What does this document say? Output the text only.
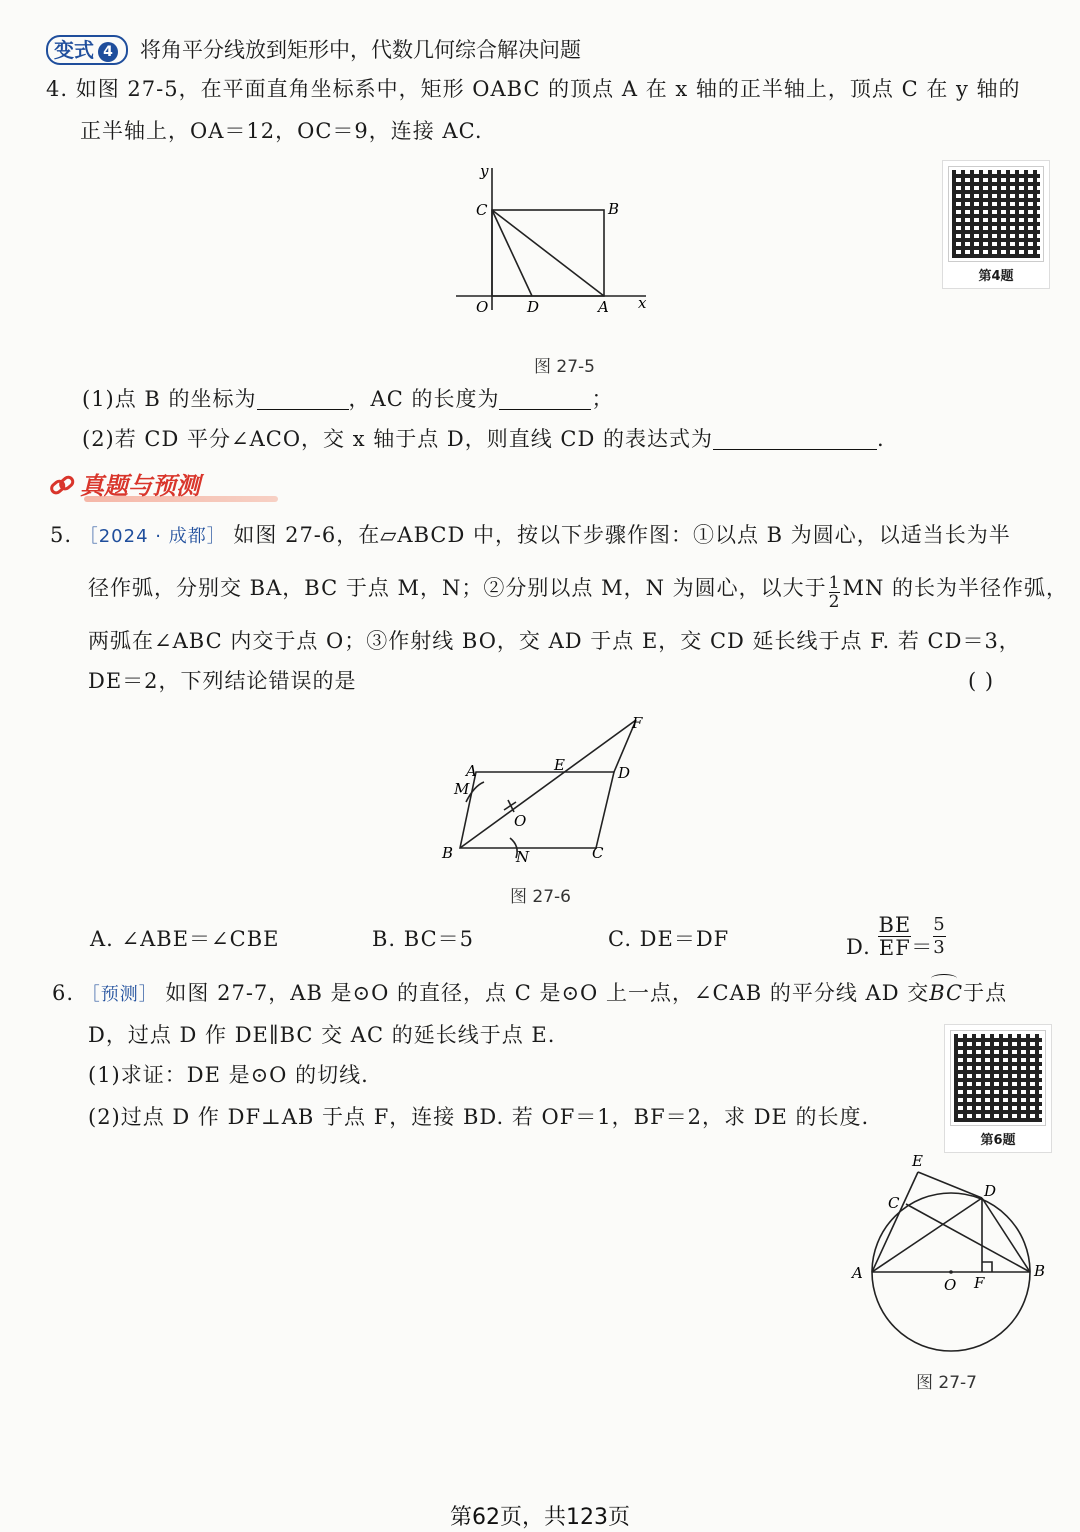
变式 4 将角平分线放到矩形中，代数几何综合解决问题
4. 如图 27-5，在平面直角坐标系中，矩形 OABC 的顶点 A 在 x 轴的正半轴上，顶点 C 在 y 轴的
正半轴上，OA＝12，OC＝9，连接 AC.
第4题
y
x
C	B
O	D	A
图 27-5
(1)点 B 的坐标为	，AC 的长度为	；
(2)若 CD 平分∠ACO，交 x 轴于点 D，则直线 CD 的表达式为	.
真题与预测
5. ［2024 · 成都］ 如图 27-6，在▱ABCD 中，按以下步骤作图：①以点 B 为圆心，以适当长为半
径作弧，分别交 BA，BC 于点 M，N；②分别以点 M，N 为圆心，以大于 $\frac{1}{2}$ MN 的长为半径作弧，
两弧在∠ABC 内交于点 O；③作射线 BO，交 AD 于点 E，交 CD 延长线于点 F. 若 CD＝3，
DE＝2，下列结论错误的是	( )
A
M
E	D
F
O
B	N	C
图 27-6
A. ∠ABE＝∠CBE	B. BC＝5	C. DE＝DF	D. $\frac{BE}{EF} = \frac{5}{3}$
6. ［预测］ 如图 27-7，AB 是⊙O 的直径，点 C 是⊙O 上一点，∠CAB 的平分线 AD 交
BC于点
D，过点 D 作 DE∥BC 交 AC 的延长线于点 E.
(1)求证：DE 是⊙O 的切线.
(2)过点 D 作 DF⊥AB 于点 F，连接 BD. 若 OF＝1，BF＝2，求 DE 的长度.
第6题
E
C
D
A
O F
B
图 27-7
第62页，共123页
